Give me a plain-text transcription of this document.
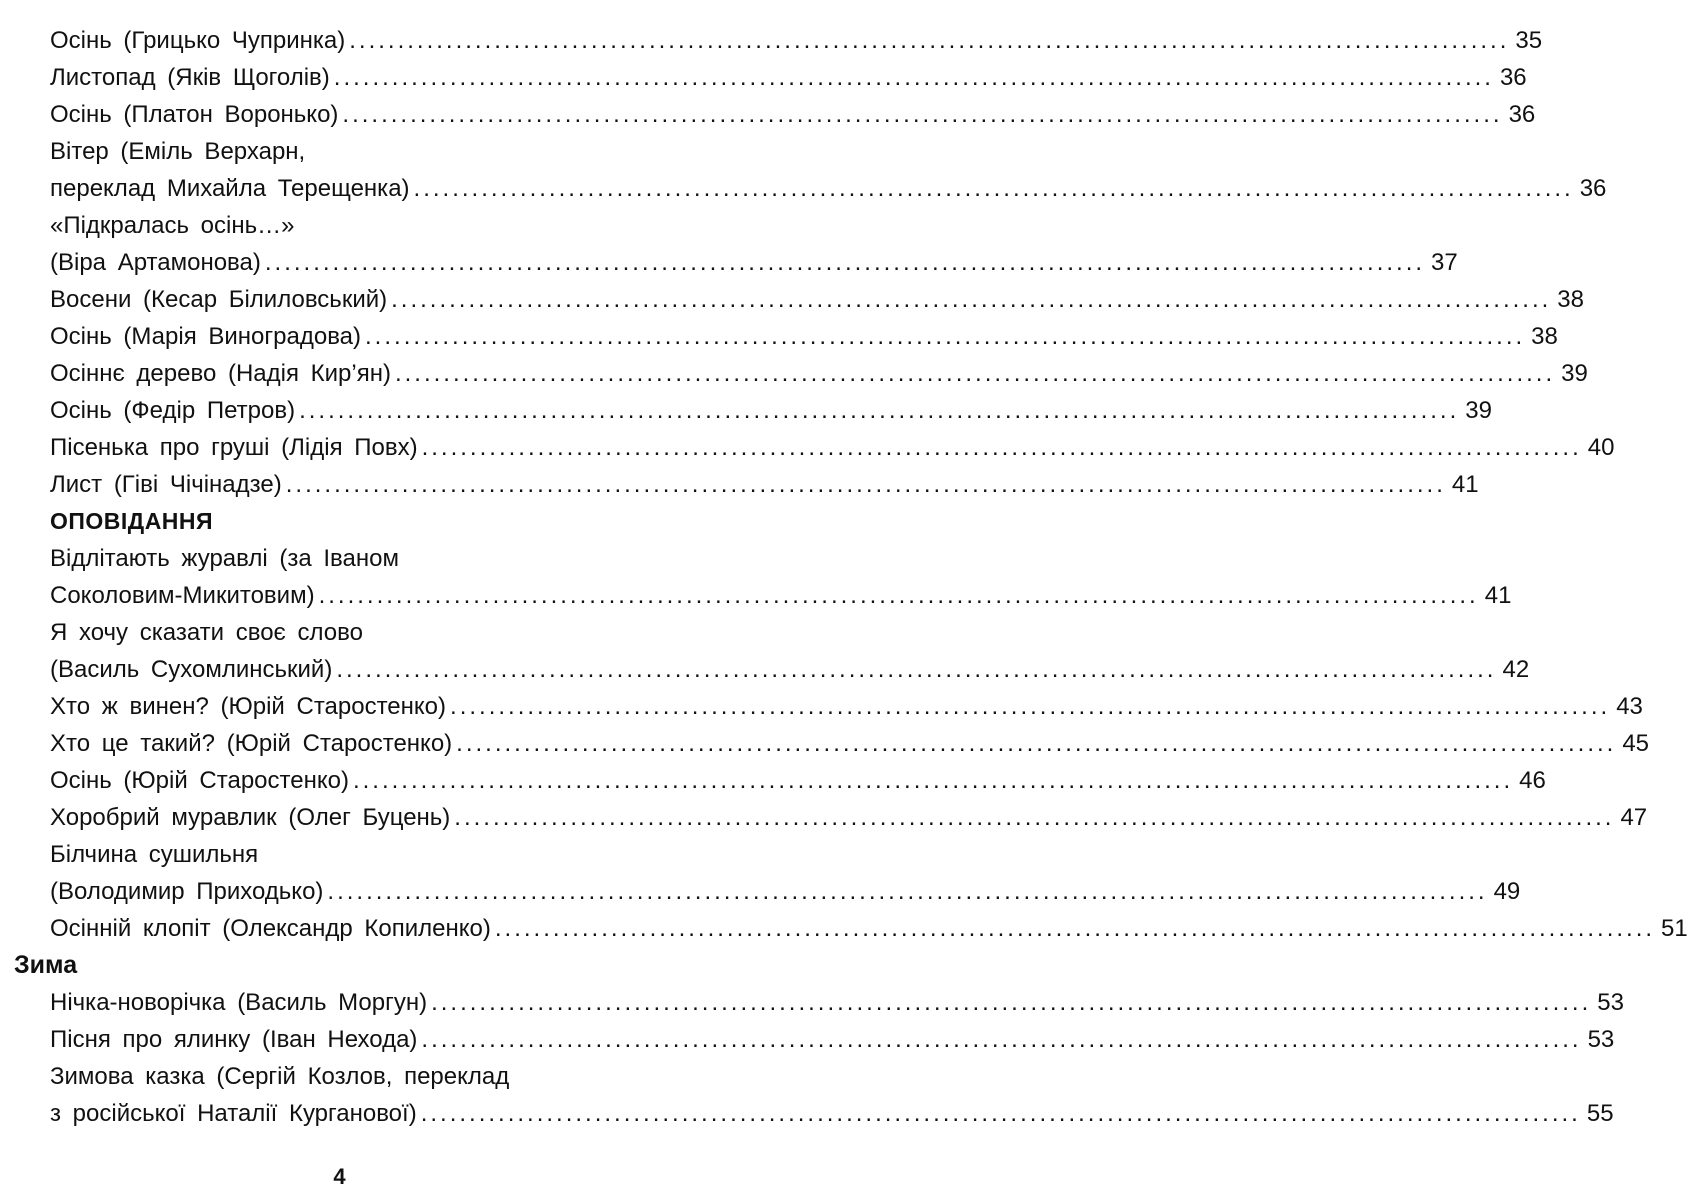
Осінь (Грицько Чупринка) ........................................................................................................................ 35
Листопад (Яків Щоголів) ........................................................................................................................ 36
Осінь (Платон Воронько) ........................................................................................................................ 36
Вітер (Еміль Верхарн,
переклад Михайла Терещенка) ........................................................................................................................ 36
«Підкралась осінь…»
(Віра Артамонова) ........................................................................................................................ 37
Восени (Кесар Білиловський) ........................................................................................................................ 38
Осінь (Марія Виноградова) ........................................................................................................................ 38
Осіннє дерево (Надія Кир’ян) ........................................................................................................................ 39
Осінь (Федір Петров) ........................................................................................................................ 39
Пісенька про груші (Лідія Повх) ........................................................................................................................ 40
Лист (Гіві Чічінадзе) ........................................................................................................................ 41
ОПОВІДАННЯ
Відлітають журавлі (за Іваном
Соколовим-Микитовим) ........................................................................................................................ 41
Я хочу сказати своє слово
(Василь Сухомлинський) ........................................................................................................................ 42
Хто ж винен? (Юрій Старостенко) ........................................................................................................................ 43
Хто це такий? (Юрій Старостенко) ........................................................................................................................ 45
Осінь (Юрій Старостенко) ........................................................................................................................ 46
Хоробрий муравлик (Олег Буцень) ........................................................................................................................ 47
Білчина сушильня
(Володимир Приходько) ........................................................................................................................ 49
Осінній клопіт (Олександр Копиленко) ........................................................................................................................ 51
Зима
Нічка-новорічка (Василь Моргун) ........................................................................................................................ 53
Пісня про ялинку (Іван Нехода) ........................................................................................................................ 53
Зимова казка (Сергій Козлов, переклад
з російської Наталії Курганової) ........................................................................................................................ 55
4
